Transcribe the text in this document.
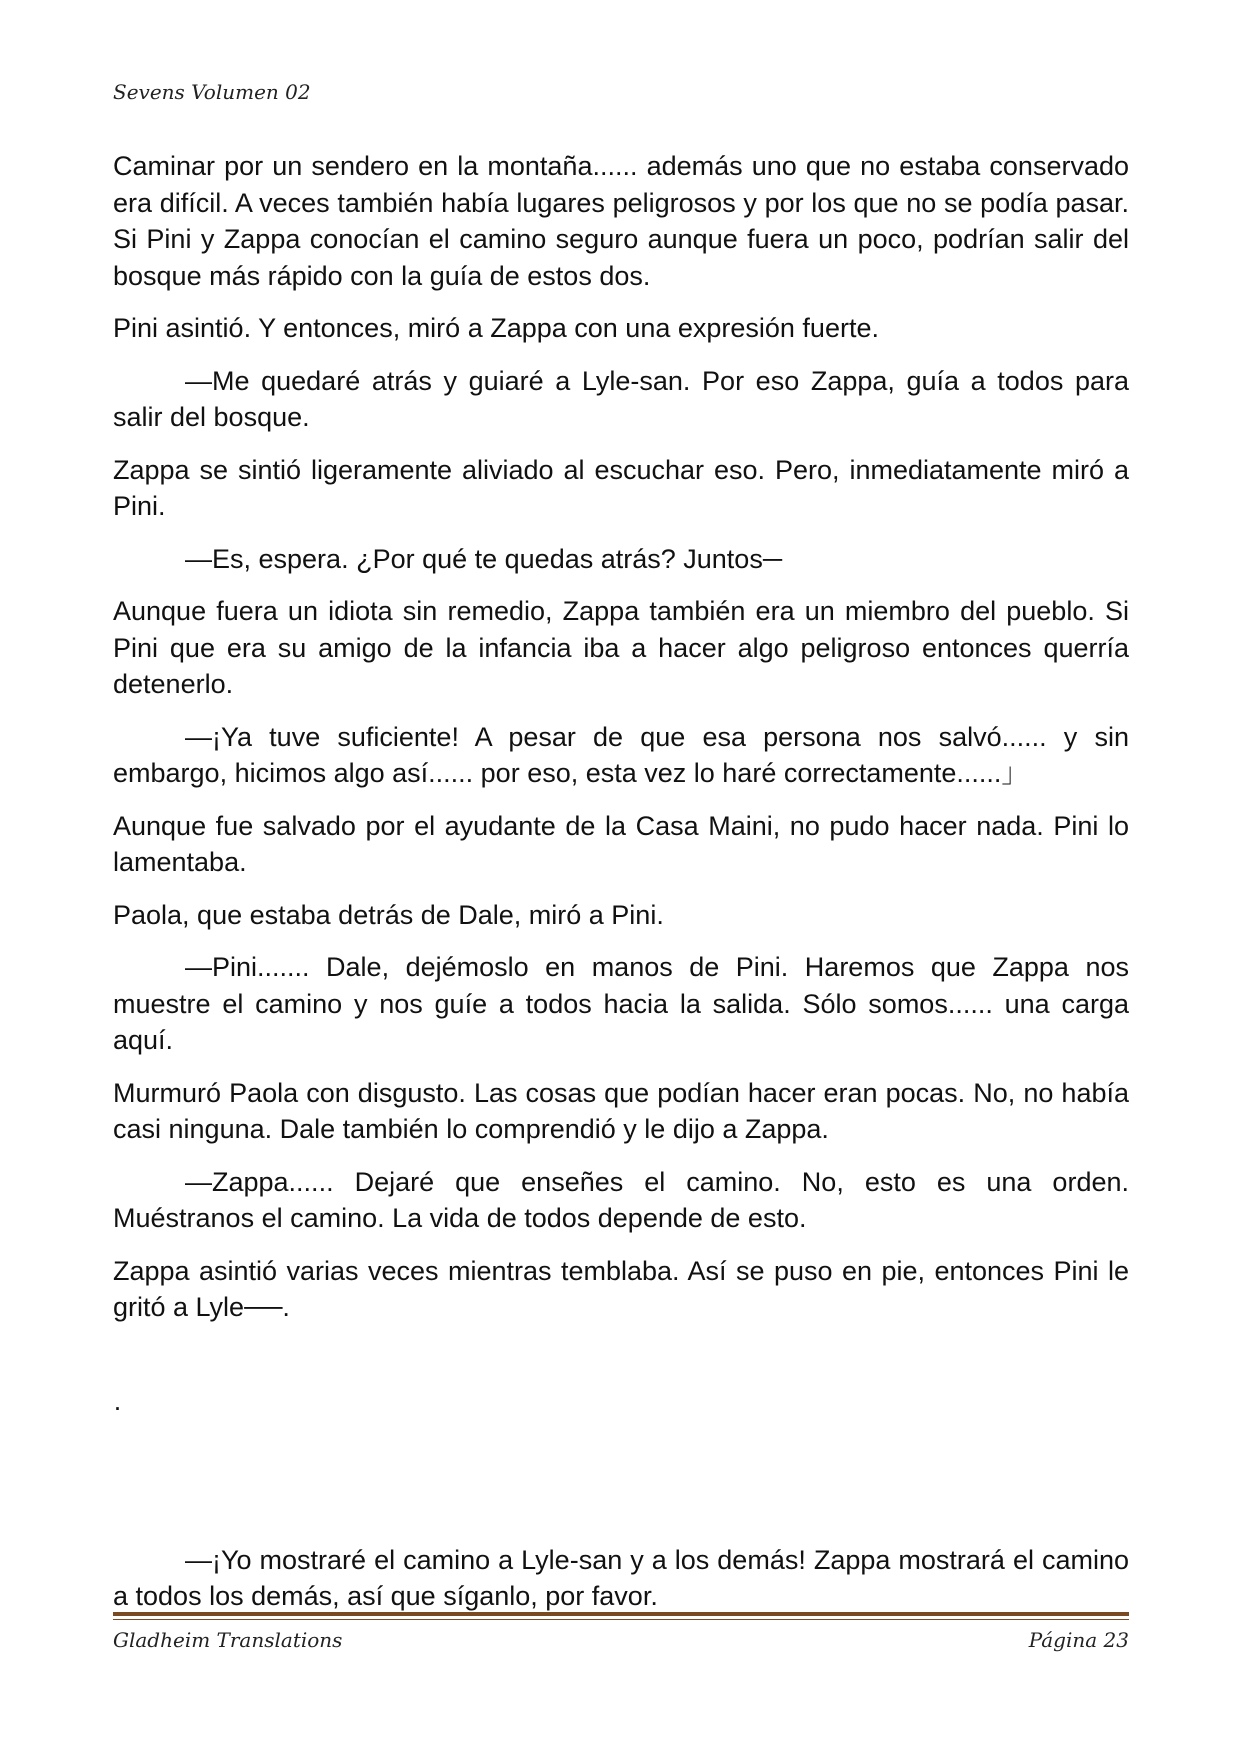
Sevens Volumen 02

Caminar por un sendero en la montaña...... además uno que no estaba conservado era difícil. A veces también había lugares peligrosos y por los que no se podía pasar. Si Pini y Zappa conocían el camino seguro aunque fuera un poco, podrían salir del bosque más rápido con la guía de estos dos.

Pini asintió. Y entonces, miró a Zappa con una expresión fuerte.

—Me quedaré atrás y guiaré a Lyle-san. Por eso Zappa, guía a todos para salir del bosque.

Zappa se sintió ligeramente aliviado al escuchar eso. Pero, inmediatamente miró a Pini.

—Es, espera. ¿Por qué te quedas atrás? Juntos─

Aunque fuera un idiota sin remedio, Zappa también era un miembro del pueblo. Si Pini que era su amigo de la infancia iba a hacer algo peligroso entonces querría detenerlo.

—¡Ya tuve suficiente! A pesar de que esa persona nos salvó...... y sin embargo, hicimos algo así...... por eso, esta vez lo haré correctamente......」

Aunque fue salvado por el ayudante de la Casa Maini, no pudo hacer nada. Pini lo lamentaba.

Paola, que estaba detrás de Dale, miró a Pini.

—Pini....... Dale, dejémoslo en manos de Pini. Haremos que Zappa nos muestre el camino y nos guíe a todos hacia la salida. Sólo somos...... una carga aquí.

Murmuró Paola con disgusto. Las cosas que podían hacer eran pocas. No, no había casi ninguna. Dale también lo comprendió y le dijo a Zappa.

—Zappa...... Dejaré que enseñes el camino. No, esto es una orden. Muéstranos el camino. La vida de todos depende de esto.

Zappa asintió varias veces mientras temblaba. Así se puso en pie, entonces Pini le gritó a Lyle──.

·

—¡Yo mostraré el camino a Lyle-san y a los demás! Zappa mostrará el camino a todos los demás, así que síganlo, por favor.

Gladheim Translations	Página 23
